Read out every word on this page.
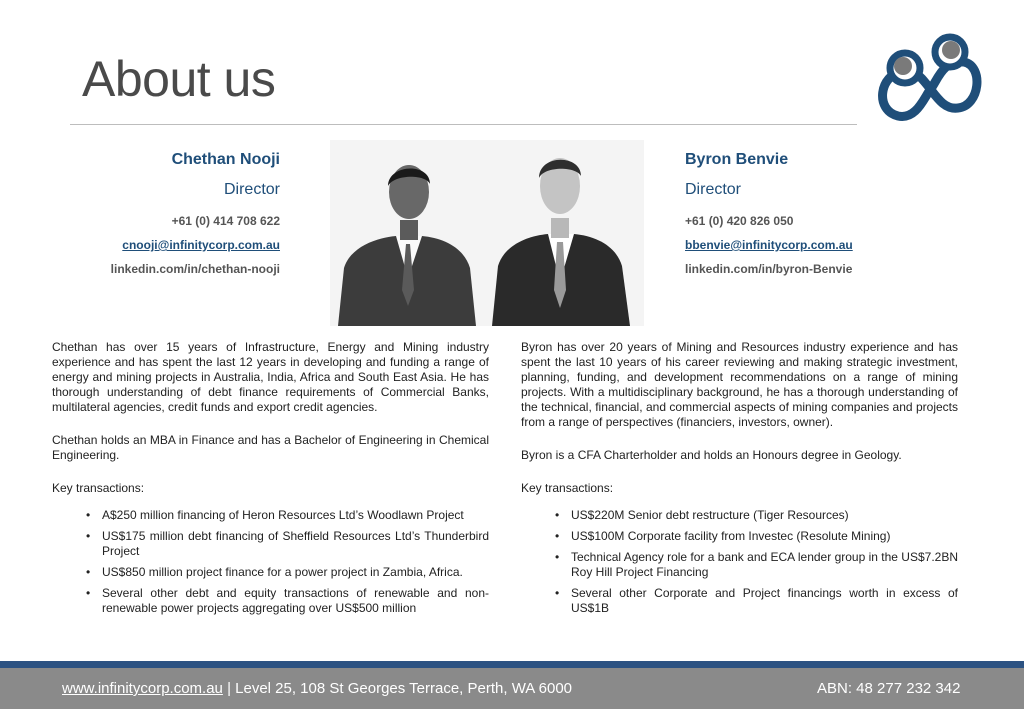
About us
Chethan Nooji
Director
+61 (0) 414 708 622
cnooji@infinitycorp.com.au
linkedin.com/in/chethan-nooji
Byron Benvie
Director
+61 (0) 420 826 050
bbenvie@infinitycorp.com.au
linkedin.com/in/byron-Benvie

Chethan has over 15 years of Infrastructure, Energy and Mining industry experience and has spent the last 12 years in developing and funding a range of energy and mining projects in Australia, India, Africa and South East Asia. He has thorough understanding of debt finance requirements of Commercial Banks, multilateral agencies, credit funds and export credit agencies.

Chethan holds an MBA in Finance and has a Bachelor of Engineering in Chemical Engineering.

Key transactions:
• A$250 million financing of Heron Resources Ltd’s Woodlawn Project
• US$175 million debt financing of Sheffield Resources Ltd’s Thunderbird Project
• US$850 million project finance for a power project in Zambia, Africa.
• Several other debt and equity transactions of renewable and non-renewable power projects aggregating over US$500 million

Byron has over 20 years of Mining and Resources industry experience and has spent the last 10 years of his career reviewing and making strategic investment, planning, funding, and development recommendations on a range of mining projects. With a multidisciplinary background, he has a thorough understanding of the technical, financial, and commercial aspects of mining companies and projects from a range of perspectives (financiers, investors, owner).

Byron is a CFA Charterholder and holds an Honours degree in Geology.

Key transactions:
• US$220M Senior debt restructure (Tiger Resources)
• US$100M Corporate facility from Investec (Resolute Mining)
• Technical Agency role for a bank and ECA lender group in the US$7.2BN Roy Hill Project Financing
• Several other Corporate and Project financings worth in excess of US$1B
www.infinitycorp.com.au | Level 25, 108 St Georges Terrace, Perth, WA 6000	ABN: 48 277 232 342
